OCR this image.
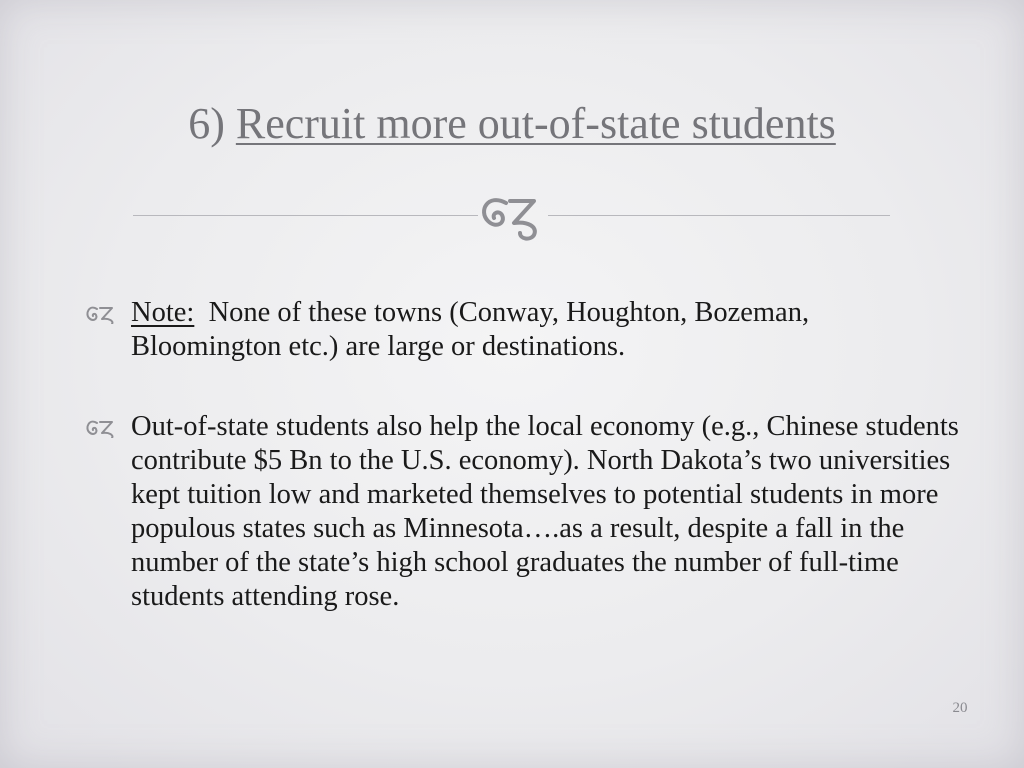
6) Recruit more out-of-state students
Note:  None of these towns (Conway, Houghton, Bozeman, Bloomington etc.) are large or destinations.
Out-of-state students also help the local economy (e.g., Chinese students contribute $5 Bn to the U.S. economy). North Dakota’s two universities kept tuition low and marketed themselves to potential students in more populous states such as Minnesota….as a result, despite a fall in the number of the state’s high school graduates the number of full-time students attending rose.
20
